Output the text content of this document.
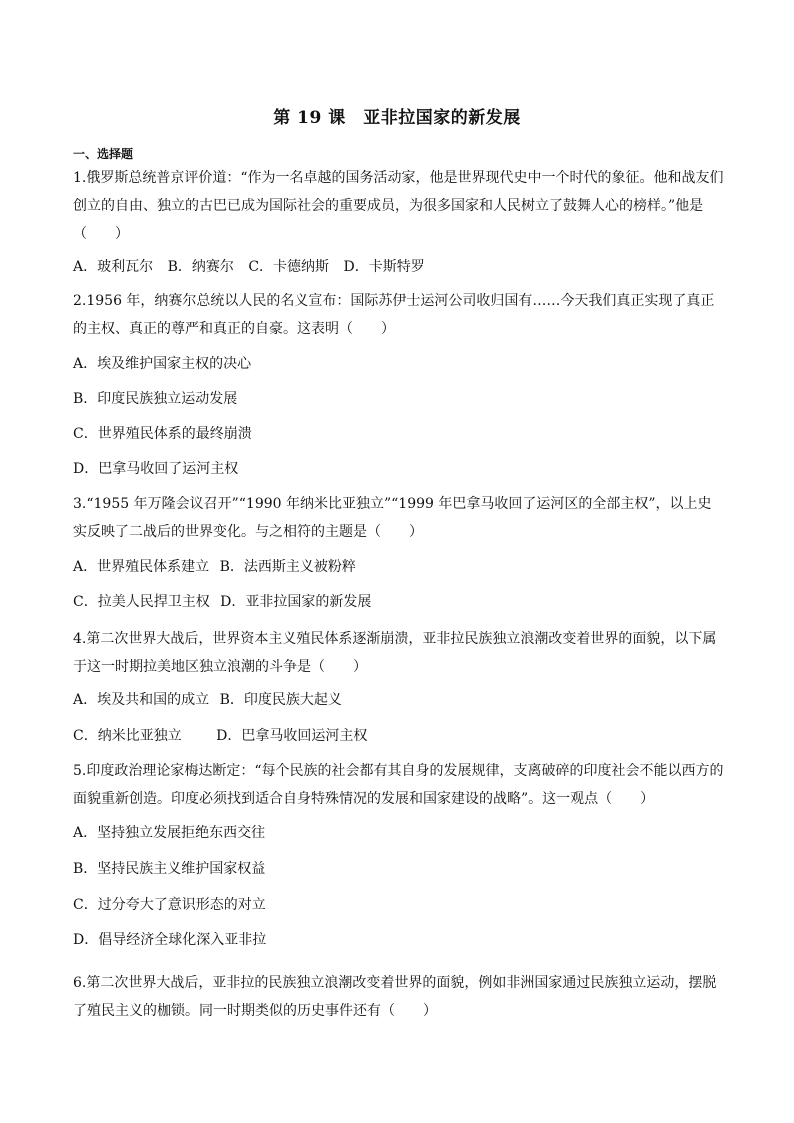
第 19 课　亚非拉国家的新发展
一、选择题
1.俄罗斯总统普京评价道：“作为一名卓越的国务活动家，他是世界现代史中一个时代的象征。他和战友们创立的自由、独立的古巴已成为国际社会的重要成员，为很多国家和人民树立了鼓舞人心的榜样。”他是（　　）
A．玻利瓦尔 B．纳赛尔 C．卡德纳斯 D．卡斯特罗
2.1956 年，纳赛尔总统以人民的名义宣布：国际苏伊士运河公司收归国有……今天我们真正实现了真正的主权、真正的尊严和真正的自豪。这表明（　　）
A．埃及维护国家主权的决心
B．印度民族独立运动发展
C．世界殖民体系的最终崩溃
D．巴拿马收回了运河主权
3.“1955 年万隆会议召开”“1990 年纳米比亚独立”“1999 年巴拿马收回了运河区的全部主权”，以上史实反映了二战后的世界变化。与之相符的主题是（　　）
A．世界殖民体系建立 B．法西斯主义被粉粹
C．拉美人民捍卫主权 D．亚非拉国家的新发展
4.第二次世界大战后，世界资本主义殖民体系逐渐崩溃，亚非拉民族独立浪潮改变着世界的面貌，以下属于这一时期拉美地区独立浪潮的斗争是（　　）
A．埃及共和国的成立 B．印度民族大起义
C．纳米比亚独立 D．巴拿马收回运河主权
5.印度政治理论家梅达断定：“每个民族的社会都有其自身的发展规律，支离破碎的印度社会不能以西方的面貌重新创造。印度必须找到适合自身特殊情况的发展和国家建设的战略”。这一观点（　　）
A．坚持独立发展拒绝东西交往
B．坚持民族主义维护国家权益
C．过分夸大了意识形态的对立
D．倡导经济全球化深入亚非拉
6.第二次世界大战后，亚非拉的民族独立浪潮改变着世界的面貌，例如非洲国家通过民族独立运动，摆脱了殖民主义的枷锁。同一时期类似的历史事件还有（　　）
